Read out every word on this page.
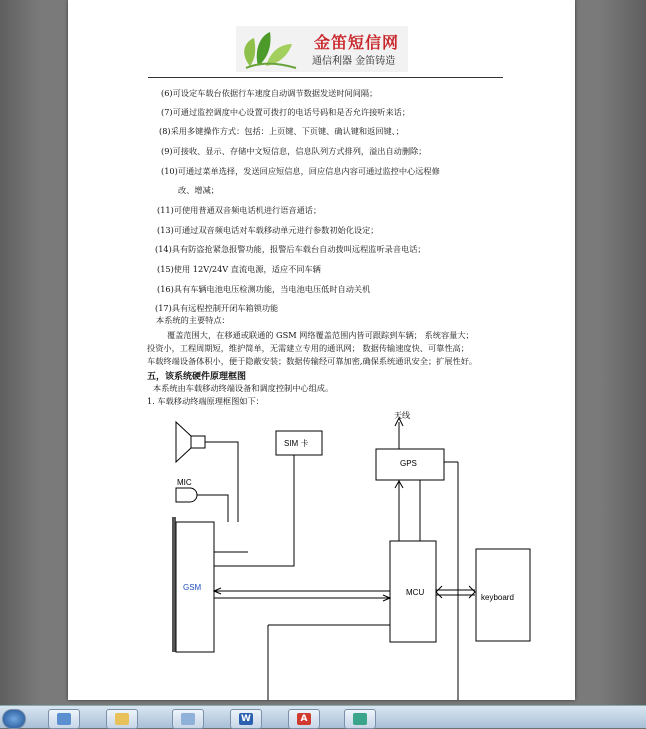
金笛短信网
通信利器 金笛铸造
(6)可设定车载台依据行车速度自动调节数据发送时间间隔；
(7)可通过监控调度中心设置可拨打的电话号码和是否允许接听来话；
(8)采用多键操作方式：包括：上页键、下页键、确认键和返回键、；
(9)可接收、显示、存储中文短信息，信息队列方式排列，溢出自动删除；
(10)可通过菜单选择，发送回应短信息，回应信息内容可通过监控中心远程修
改、增减；
(11)可使用普通双音频电话机进行语音通话；
(13)可通过双音频电话对车载移动单元进行参数初始化设定；
(14)具有防盗抢紧急报警功能，报警后车载台自动拨叫远程监听录音电话；
(15)使用 12V/24V 直流电源，适应不同车辆
(16)具有车辆电池电压检测功能，当电池电压低时自动关机
(17)具有远程控制开闭车箱锁功能
本系统的主要特点：
覆盖范围大，在移通或联通的 GSM 网络覆盖范围内皆可跟踪到车辆； 系统容量大；
投资小，工程周期短，维护简单，无需建立专用的通讯网； 数据传输速度快、可靠性高；
车载终端设备体积小，便于隐蔽安装；数据传输经可靠加密,确保系统通讯安全；扩展性好。
五，该系统硬件原理框图
本系统由车载移动终端设备和调度控制中心组成。
1. 车载移动终端原理框图如下：
SIM 卡
天线
GPS
MIC
GSM
MCU
keyboard
W	A
